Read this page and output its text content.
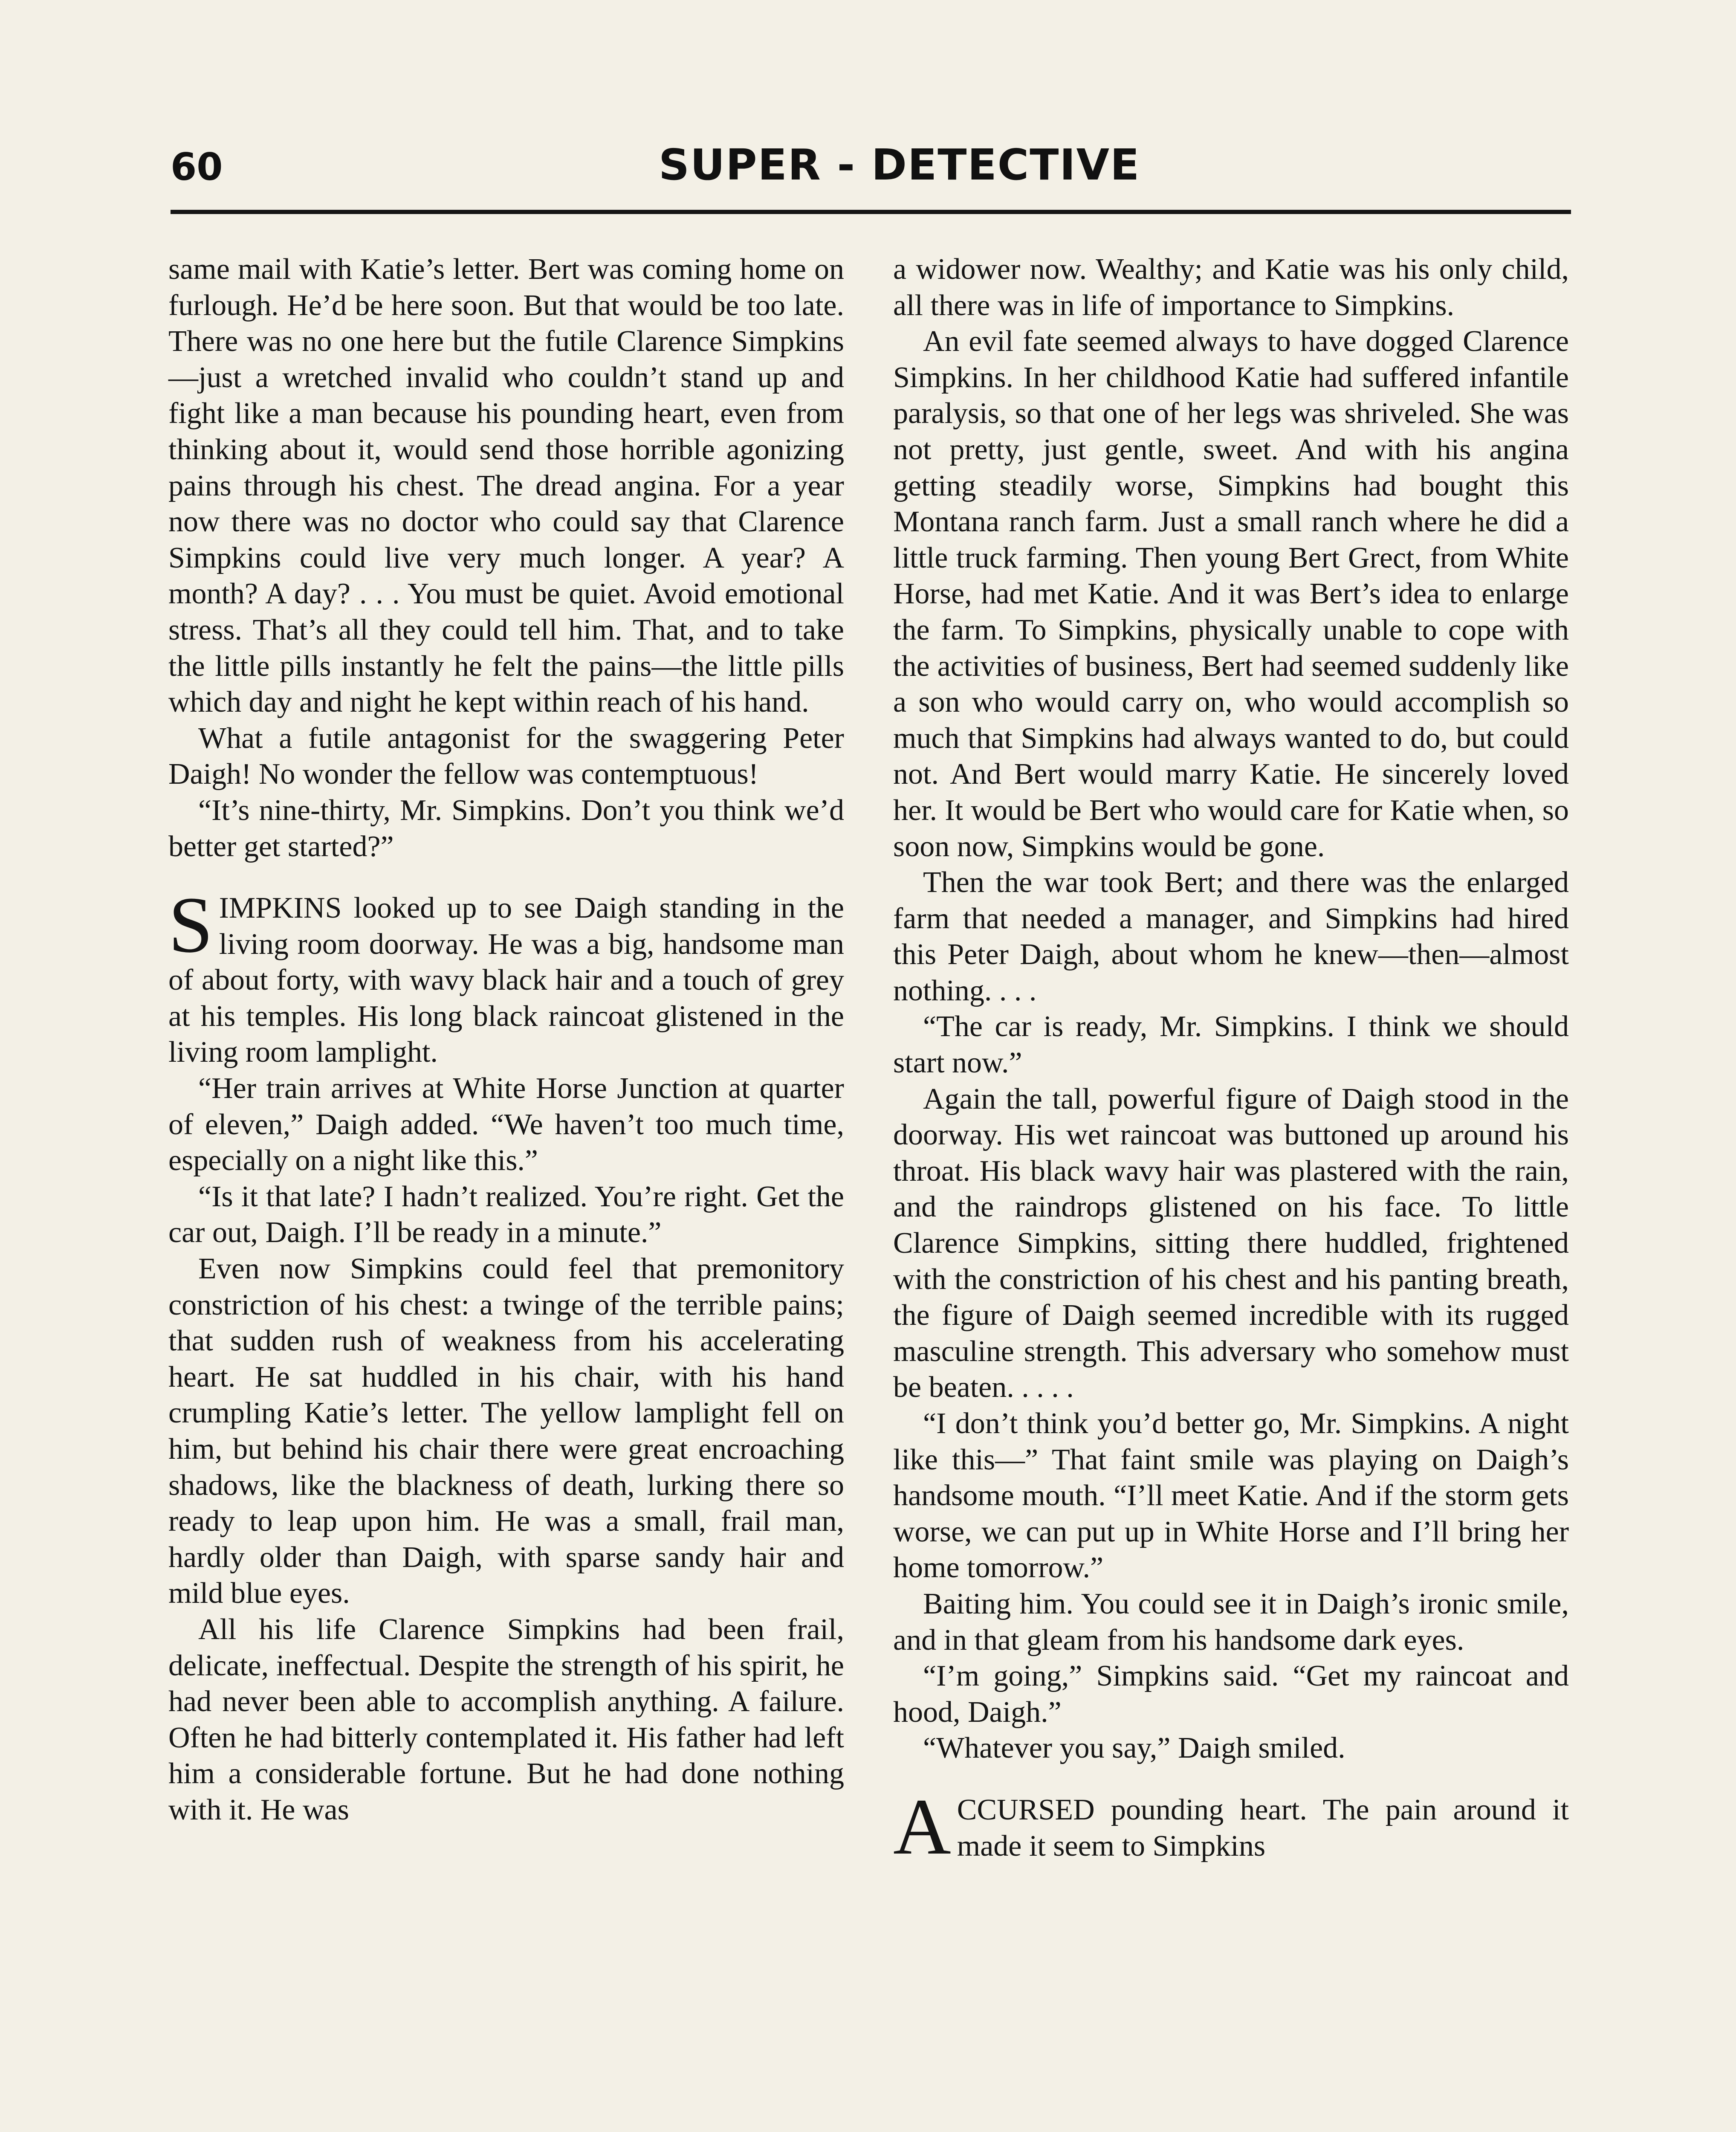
60	SUPER - DETECTIVE

same mail with Katie’s letter. Bert was coming home on furlough. He’d be here soon. But that would be too late. There was no one here but the futile Clarence Simpkins—just a wretched invalid who couldn’t stand up and fight like a man because his pounding heart, even from thinking about it, would send those horrible agonizing pains through his chest. The dread angina. For a year now there was no doctor who could say that Clarence Simpkins could live very much longer. A year? A month? A day? . . . You must be quiet. Avoid emotional stress. That’s all they could tell him. That, and to take the little pills instantly he felt the pains—the little pills which day and night he kept within reach of his hand.

What a futile antagonist for the swaggering Peter Daigh! No wonder the fellow was contemptuous!

“It’s nine-thirty, Mr. Simpkins. Don’t you think we’d better get started?”

SIMPKINS looked up to see Daigh standing in the living room doorway. He was a big, handsome man of about forty, with wavy black hair and a touch of grey at his temples. His long black raincoat glistened in the living room lamplight.

“Her train arrives at White Horse Junction at quarter of eleven,” Daigh added. “We haven’t too much time, especially on a night like this.”

“Is it that late? I hadn’t realized. You’re right. Get the car out, Daigh. I’ll be ready in a minute.”

Even now Simpkins could feel that premonitory constriction of his chest: a twinge of the terrible pains; that sudden rush of weakness from his accelerating heart. He sat huddled in his chair, with his hand crumpling Katie’s letter. The yellow lamplight fell on him, but behind his chair there were great encroaching shadows, like the blackness of death, lurking there so ready to leap upon him. He was a small, frail man, hardly older than Daigh, with sparse sandy hair and mild blue eyes.

All his life Clarence Simpkins had been frail, delicate, ineffectual. Despite the strength of his spirit, he had never been able to accomplish anything. A failure. Often he had bitterly contemplated it. His father had left him a considerable fortune. But he had done nothing with it. He was

a widower now. Wealthy; and Katie was his only child, all there was in life of importance to Simpkins.

An evil fate seemed always to have dogged Clarence Simpkins. In her childhood Katie had suffered infantile paralysis, so that one of her legs was shriveled. She was not pretty, just gentle, sweet. And with his angina getting steadily worse, Simpkins had bought this Montana ranch farm. Just a small ranch where he did a little truck farming. Then young Bert Grect, from White Horse, had met Katie. And it was Bert’s idea to enlarge the farm. To Simpkins, physically unable to cope with the activities of business, Bert had seemed suddenly like a son who would carry on, who would accomplish so much that Simpkins had always wanted to do, but could not. And Bert would marry Katie. He sincerely loved her. It would be Bert who would care for Katie when, so soon now, Simpkins would be gone.

Then the war took Bert; and there was the enlarged farm that needed a manager, and Simpkins had hired this Peter Daigh, about whom he knew—then—almost nothing. . . .

“The car is ready, Mr. Simpkins. I think we should start now.”

Again the tall, powerful figure of Daigh stood in the doorway. His wet raincoat was buttoned up around his throat. His black wavy hair was plastered with the rain, and the raindrops glistened on his face. To little Clarence Simpkins, sitting there huddled, frightened with the constriction of his chest and his panting breath, the figure of Daigh seemed incredible with its rugged masculine strength. This adversary who somehow must be beaten. . . . .

“I don’t think you’d better go, Mr. Simpkins. A night like this—” That faint smile was playing on Daigh’s handsome mouth. “I’ll meet Katie. And if the storm gets worse, we can put up in White Horse and I’ll bring her home tomorrow.”

Baiting him. You could see it in Daigh’s ironic smile, and in that gleam from his handsome dark eyes.

“I’m going,” Simpkins said. “Get my raincoat and hood, Daigh.”

“Whatever you say,” Daigh smiled.

ACCURSED pounding heart. The pain around it made it seem to Simpkins
